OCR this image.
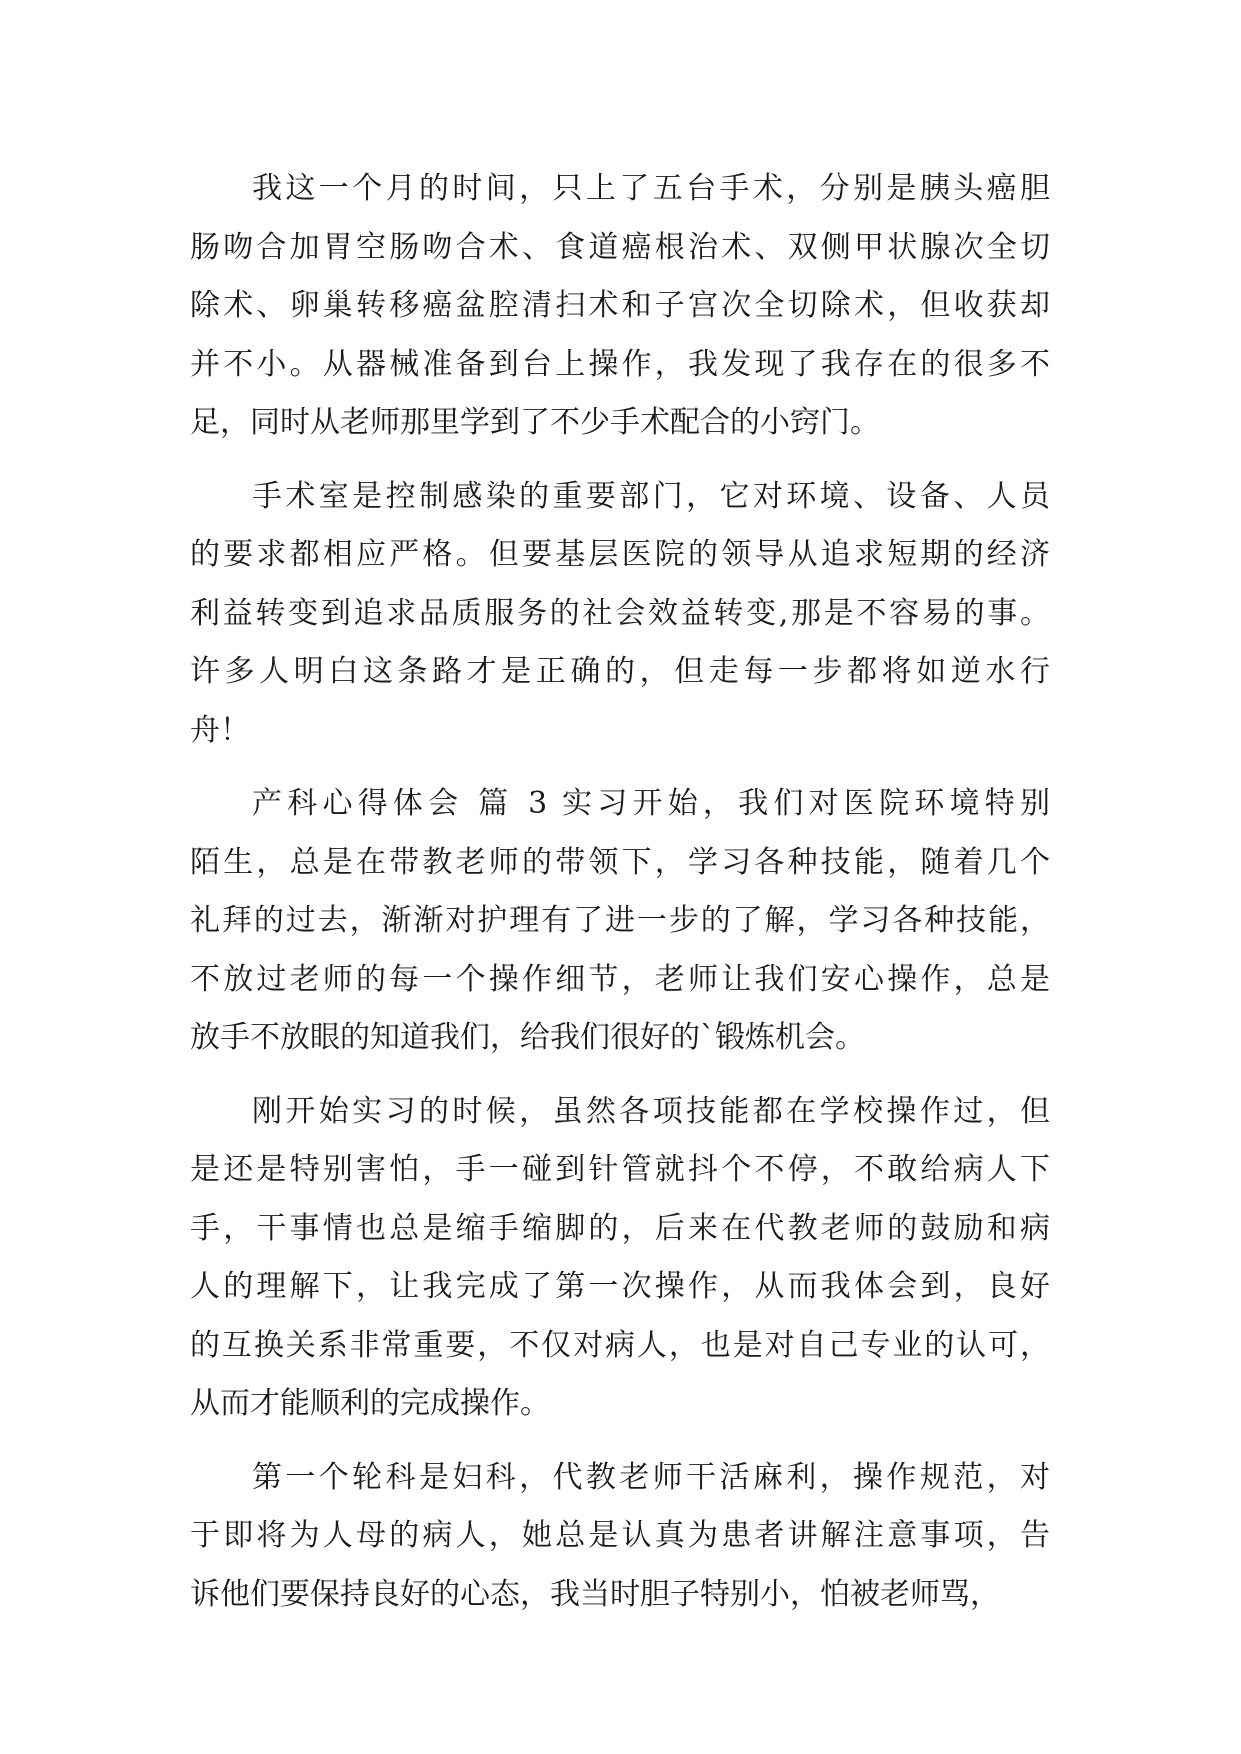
我这一个月的时间，只上了五台手术，分别是胰头癌胆
肠吻合加胃空肠吻合术、食道癌根治术、双侧甲状腺次全切
除术、卵巢转移癌盆腔清扫术和子宫次全切除术，但收获却
并不小。从器械准备到台上操作，我发现了我存在的很多不
足，同时从老师那里学到了不少手术配合的小窍门。
手术室是控制感染的重要部门，它对环境、设备、人员
的要求都相应严格。但要基层医院的领导从追求短期的经济
利益转变到追求品质服务的社会效益转变,那是不容易的事。
许多人明白这条路才是正确的，但走每一步都将如逆水行
舟！
产科心得体会 篇 3 实习开始，我们对医院环境特别
陌生，总是在带教老师的带领下，学习各种技能，随着几个
礼拜的过去，渐渐对护理有了进一步的了解，学习各种技能，
不放过老师的每一个操作细节，老师让我们安心操作，总是
放手不放眼的知道我们，给我们很好的`锻炼机会。
刚开始实习的时候，虽然各项技能都在学校操作过，但
是还是特别害怕，手一碰到针管就抖个不停，不敢给病人下
手，干事情也总是缩手缩脚的，后来在代教老师的鼓励和病
人的理解下，让我完成了第一次操作，从而我体会到，良好
的互换关系非常重要，不仅对病人，也是对自己专业的认可，
从而才能顺利的完成操作。
第一个轮科是妇科，代教老师干活麻利，操作规范，对
于即将为人母的病人，她总是认真为患者讲解注意事项，告
诉他们要保持良好的心态，我当时胆子特别小，怕被老师骂，
